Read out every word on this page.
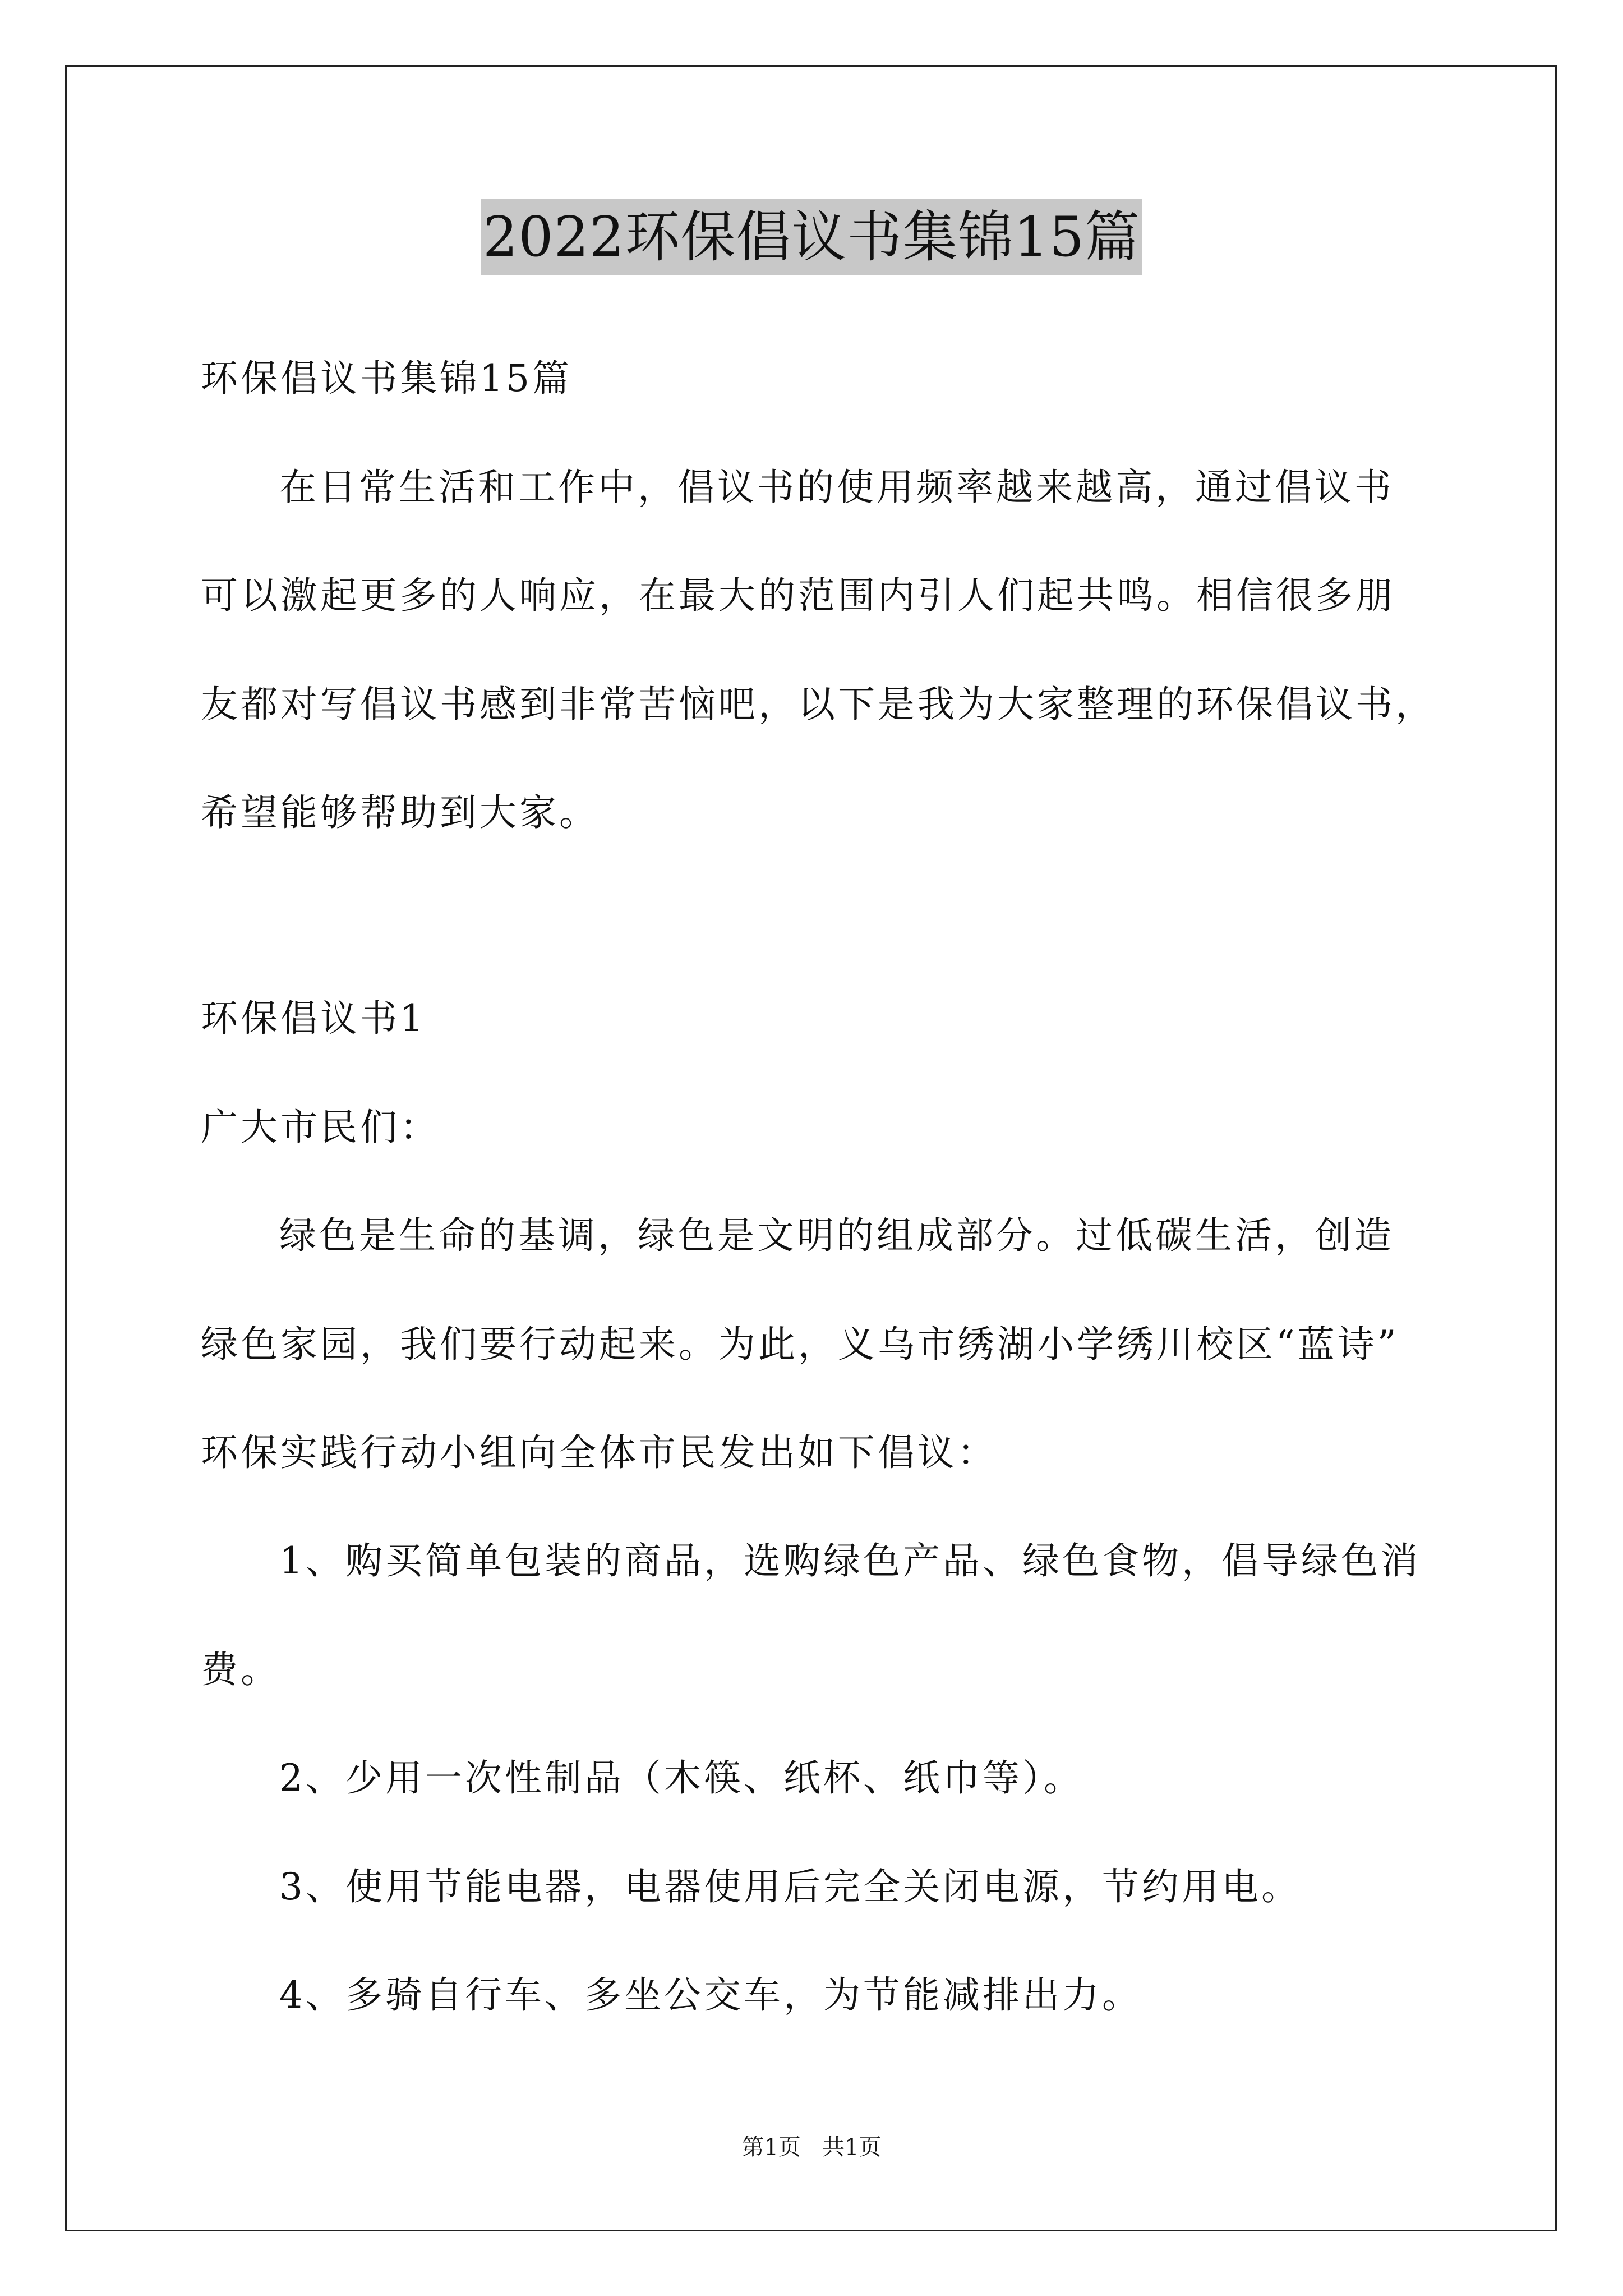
2022环保倡议书集锦15篇
环保倡议书集锦15篇
在日常生活和工作中，倡议书的使用频率越来越高，通过倡议书
可以激起更多的人响应，在最大的范围内引人们起共鸣。相信很多朋
友都对写倡议书感到非常苦恼吧，以下是我为大家整理的环保倡议书，
希望能够帮助到大家。
环保倡议书1
广大市民们：
绿色是生命的基调，绿色是文明的组成部分。过低碳生活，创造
绿色家园，我们要行动起来。为此，义乌市绣湖小学绣川校区“蓝诗”
环保实践行动小组向全体市民发出如下倡议：
1、购买简单包装的商品，选购绿色产品、绿色食物，倡导绿色消
费。
2、少用一次性制品（木筷、纸杯、纸巾等）。
3、使用节能电器，电器使用后完全关闭电源，节约用电。
4、多骑自行车、多坐公交车，为节能减排出力。
第1页   共1页
